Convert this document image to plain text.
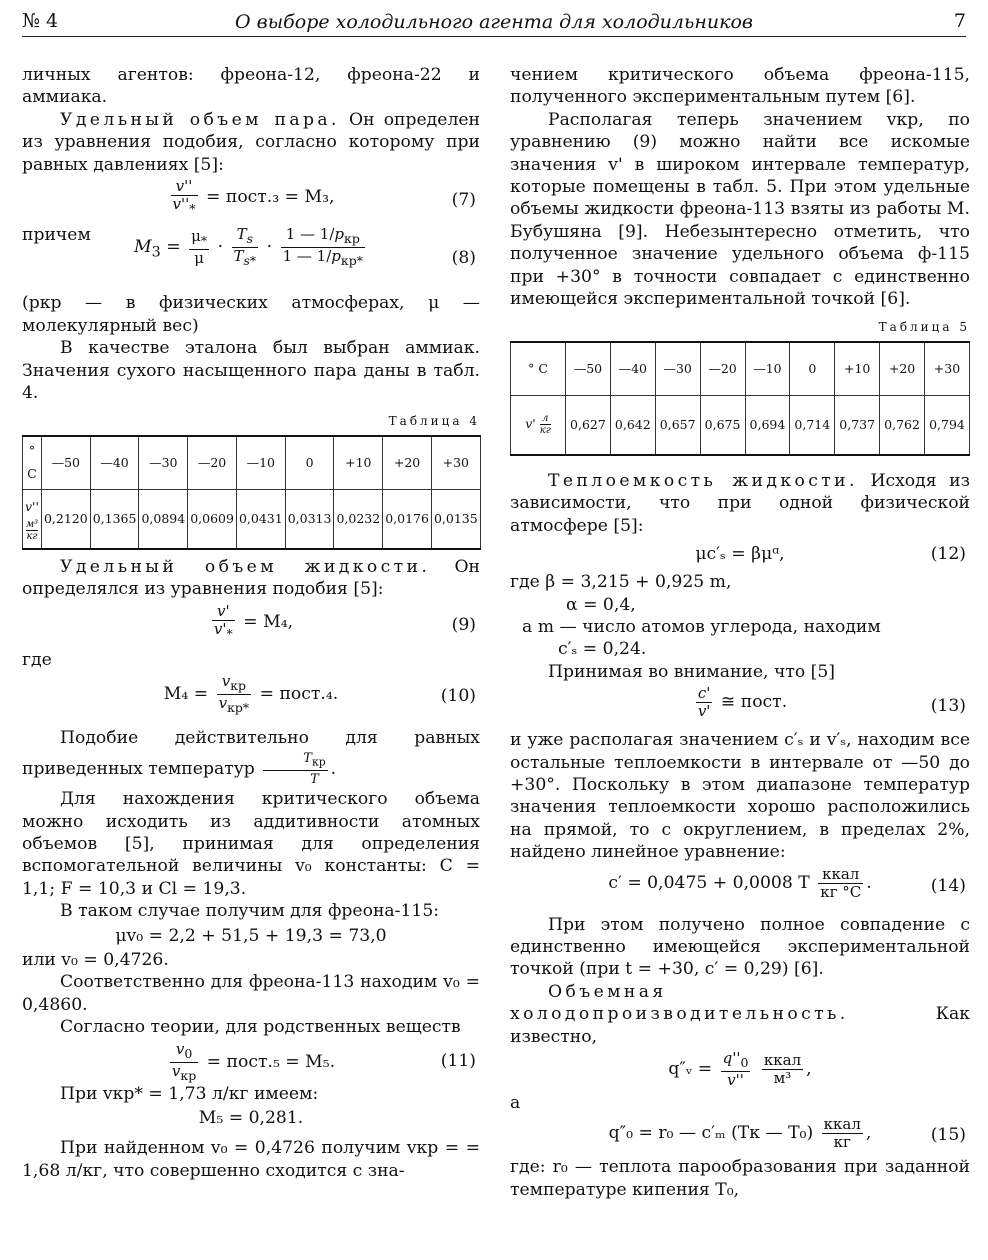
№ 4	О выборе холодильного агента для холодильников	7

личных агентов: фреона-12, фреона-22 и аммиака.

Удельный объем пара. Он определен из уравнения подобия, согласно которому при равных давлениях [5]:

$\frac{v''}{v''_*}$ = пост.₃ = M₃,	(7)

причем

$M_3 = \frac{\mu_*}{\mu} \cdot \frac{T_s}{T_{s*}} \cdot \frac{1 — 1/p_{кр}}{1 — 1/p_{кр*}}$	(8)

(pкр — в физических атмосферах, μ — молекулярный вес)

В качестве эталона был выбран аммиак. Значения сухого насыщенного пара даны в табл. 4.

Таблица 4
° C	—50	—40	—30	—20	—10	0	+10	+20	+30
v''
м³
кг	0,2120	0,1365	0,0894	0,0609	0,0431	0,0313	0,0232	0,0176	0,0135

Удельный объем жидкости. Он определялся из уравнения подобия [5]:

$\frac{v'}{v'_*} = M_4$,	(9)

где

$M_4 = \frac{v_{кр}}{v_{кр*}}$ = пост.₄.	(10)

Подобие действительно для равных приведенных температур $\frac{T_{кр}}{T}$ .

Для нахождения критического объема можно исходить из аддитивности атомных объемов [5], принимая для определения вспомогательной величины v₀ константы: C = 1,1; F = 10,3 и Cl = 19,3.

В таком случае получим для фреона-115:

μv₀ = 2,2 + 51,5 + 19,3 = 73,0

или v₀ = 0,4726.

Соответственно для фреона-113 находим v₀ = 0,4860.

Согласно теории, для родственных веществ

$\frac{v_0}{v_{кр}}$ = пост.₅ = M₅.	(11)

При vкр* = 1,73 л/кг имеем:

M₅ = 0,281.

При найденном v₀ = 0,4726 получим vкр = = 1,68 л/кг, что совершенно сходится с зна-

чением критического объема фреона-115, полученного экспериментальным путем [6].

Располагая теперь значением vкр, по уравнению (9) можно найти все искомые значения v' в широком интервале температур, которые помещены в табл. 5. При этом удельные объемы жидкости фреона-113 взяты из работы М. Бубушяна [9]. Небезынтересно отметить, что полученное значение удельного объема ф-115 при +30° в точности совпадает с единственно имеющейся экспериментальной точкой [6].

Таблица 5
° C	—50	—40	—30	—20	—10	0	+10	+20	+30
v' л
кг	0,627	0,642	0,657	0,675	0,694	0,714	0,737	0,762	0,794

Теплоемкость жидкости. Исходя из зависимости, что при одной физической атмосфере [5]:

μc′ₛ = βμᵅ,	(12)

где β = 3,215 + 0,925 m,

α = 0,4,

a m — число атомов углерода, находим

c′ₛ = 0,24.

Принимая во внимание, что [5]

$\frac{c'}{v'}$ ≅ пост.	(13)

и уже располагая значением c′ₛ и v′ₛ, находим все остальные теплоемкости в интервале от —50 до +30°. Поскольку в этом диапазоне температур значения теплоемкости хорошо расположились на прямой, то с округлением, в пределах 2%, найдено линейное уравнение:

c′ = 0,0475 + 0,0008 T $\frac{\text{ккал}}{кг ^\circ C}$ .	(14)

При этом получено полное совпадение с единственно имеющейся экспериментальной точкой (при t = +30, c′ = 0,29) [6].

Объемная холодопроизводительность.	Как известно,

q″ᵥ = $\frac{q''_0}{v''}$
$\frac{\text{ккал}}{\text{м³}}$ ,

а

q″₀ = r₀ — c′ₘ (Tк — $T_0) \frac{\text{ккал}}{кг}$ ,	(15)

где: r₀ — теплота парообразования при заданной температуре кипения T₀,
